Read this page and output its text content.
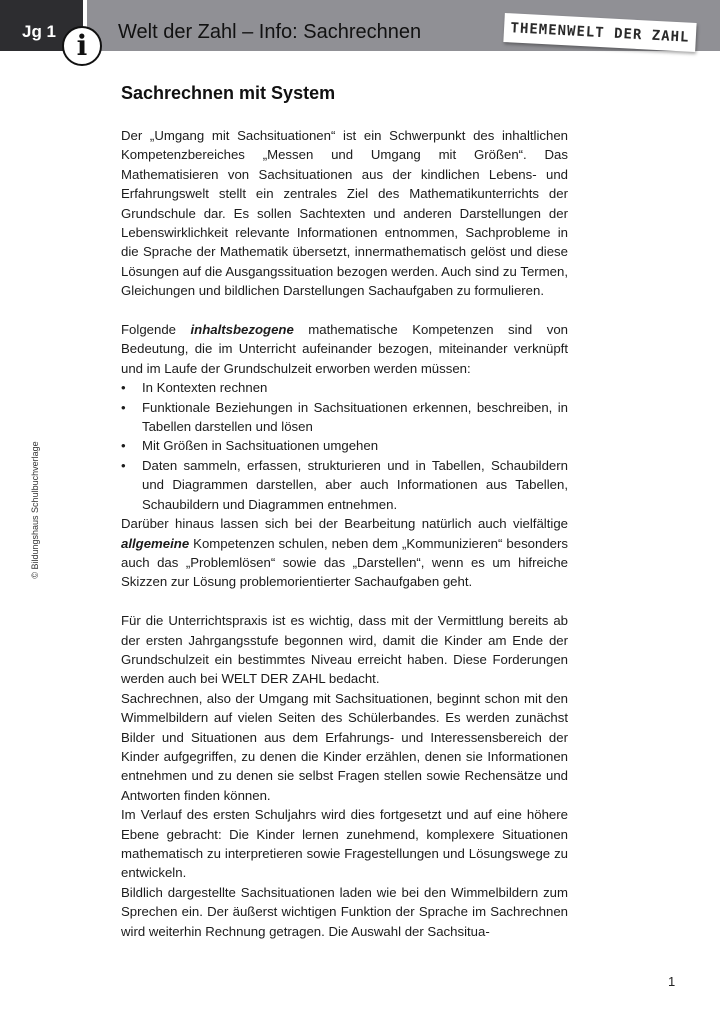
Jg 1	Welt der Zahl – Info: Sachrechnen	THEMENWELT DER ZAHL
i
Sachrechnen mit System

Der „Umgang mit Sachsituationen“ ist ein Schwerpunkt des inhaltlichen Kompetenzbereiches „Messen und Umgang mit Größen“. Das Mathematisieren von Sachsituationen aus der kindlichen Lebens- und Erfahrungswelt stellt ein zentrales Ziel des Mathematikunterrichts der Grundschule dar. Es sollen Sachtexten und anderen Darstellungen der Lebenswirklichkeit relevante Informationen entnommen, Sachprobleme in die Sprache der Mathematik übersetzt, innermathematisch gelöst und diese Lösungen auf die Ausgangssituation bezogen werden. Auch sind zu Termen, Gleichungen und bildlichen Darstellungen Sachaufgaben zu formulieren.

Folgende inhaltsbezogene mathematische Kompetenzen sind von Bedeutung, die im Unterricht aufeinander bezogen, miteinander verknüpft und im Laufe der Grundschulzeit erworben werden müssen:

• In Kontexten rechnen
• Funktionale Beziehungen in Sachsituationen erkennen, beschreiben, in Tabellen darstellen und lösen
• Mit Größen in Sachsituationen umgehen
• Daten sammeln, erfassen, strukturieren und in Tabellen, Schaubildern und Diagrammen darstellen, aber auch Informationen aus Tabellen, Schaubildern und Diagrammen entnehmen.

Darüber hinaus lassen sich bei der Bearbeitung natürlich auch vielfältige allgemeine Kompetenzen schulen, neben dem „Kommunizieren“ besonders auch das „Problemlösen“ sowie das „Darstellen“, wenn es um hifreiche Skizzen zur Lösung problemorientierter Sachaufgaben geht.

Für die Unterrichtspraxis ist es wichtig, dass mit der Vermittlung bereits ab der ersten Jahrgangsstufe begonnen wird, damit die Kinder am Ende der Grundschulzeit ein bestimmtes Niveau erreicht haben. Diese Forderungen werden auch bei WELT DER ZAHL bedacht.

Sachrechnen, also der Umgang mit Sachsituationen, beginnt schon mit den Wimmelbildern auf vielen Seiten des Schülerbandes. Es werden zunächst Bilder und Situationen aus dem Erfahrungs- und Interessensbereich der Kinder aufgegriffen, zu denen die Kinder erzählen, denen sie Informationen entnehmen und zu denen sie selbst Fragen stellen sowie Rechensätze und Antworten finden können.

Im Verlauf des ersten Schuljahrs wird dies fortgesetzt und auf eine höhere Ebene gebracht: Die Kinder lernen zunehmend, komplexere Situationen mathematisch zu interpretieren sowie Fragestellungen und Lösungswege zu entwickeln.

Bildlich dargestellte Sachsituationen laden wie bei den Wimmelbildern zum Sprechen ein. Der äußerst wichtigen Funktion der Sprache im Sachrechnen wird weiterhin Rechnung getragen. Die Auswahl der Sachsitua-

© Bildungshaus Schulbuchverlage
1
